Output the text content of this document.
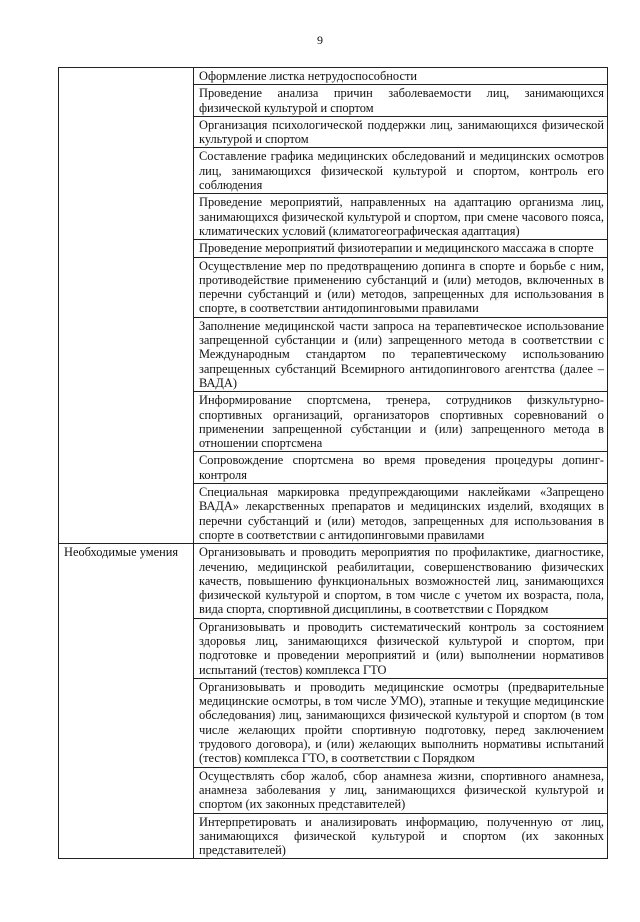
9

	Оформление листка нетрудоспособности

	Проведение анализа причин заболеваемости лиц, занимающихся физической культурой и спортом

	Организация психологической поддержки лиц, занимающихся физической культурой и спортом

	Составление графика медицинских обследований и медицинских осмотров лиц, занимающихся физической культурой и спортом, контроль его соблюдения

	Проведение мероприятий, направленных на адаптацию организма лиц, занимающихся физической культурой и спортом, при смене часового пояса, климатических условий (климатогеографическая адаптация)

	Проведение мероприятий физиотерапии и медицинского массажа в спорте

	Осуществление мер по предотвращению допинга в спорте и борьбе с ним, противодействие применению субстанций и (или) методов, включенных в перечни субстанций и (или) методов, запрещенных для использования в спорте, в соответствии антидопинговыми правилами

	Заполнение медицинской части запроса на терапевтическое использование запрещенной субстанции и (или) запрещенного метода в соответствии с Международным стандартом по терапевтическому использованию запрещенных субстанций Всемирного антидопингового агентства (далее – ВАДА)

	Информирование спортсмена, тренера, сотрудников физкультурно-спортивных организаций, организаторов спортивных соревнований о применении запрещенной субстанции и (или) запрещенного метода в отношении спортсмена

	Сопровождение спортсмена во время проведения процедуры допинг-контроля

	Специальная маркировка предупреждающими наклейками «Запрещено ВАДА» лекарственных препаратов и медицинских изделий, входящих в перечни субстанций и (или) методов, запрещенных для использования в спорте в соответствии с антидопинговыми правилами

Необходимые умения	Организовывать и проводить мероприятия по профилактике, диагностике, лечению, медицинской реабилитации, совершенствованию физических качеств, повышению функциональных возможностей лиц, занимающихся физической культурой и спортом, в том числе с учетом их возраста, пола, вида спорта, спортивной дисциплины, в соответствии с Порядком

	Организовывать и проводить систематический контроль за состоянием здоровья лиц, занимающихся физической культурой и спортом, при подготовке и проведении мероприятий и (или) выполнении нормативов испытаний (тестов) комплекса ГТО

	Организовывать и проводить медицинские осмотры (предварительные медицинские осмотры, в том числе УМО), этапные и текущие медицинские обследования) лиц, занимающихся физической культурой и спортом (в том числе желающих пройти спортивную подготовку, перед заключением трудового договора), и (или) желающих выполнить нормативы испытаний (тестов) комплекса ГТО, в соответствии с Порядком

	Осуществлять сбор жалоб, сбор анамнеза жизни, спортивного анамнеза, анамнеза заболевания у лиц, занимающихся физической культурой и спортом (их законных представителей)

	Интерпретировать и анализировать информацию, полученную от лиц, занимающихся физической культурой и спортом (их законных представителей)
